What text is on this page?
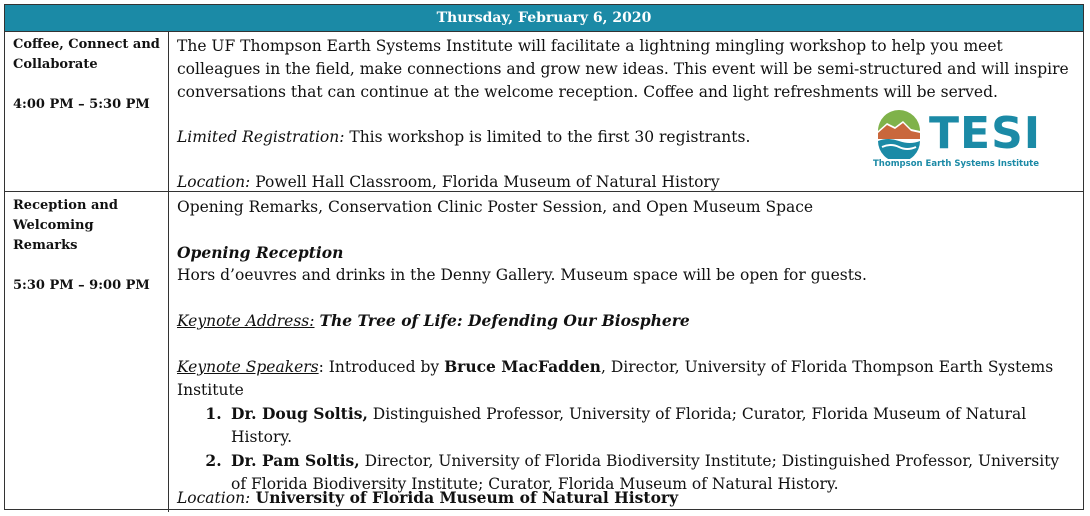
Thursday, February 6, 2020
Coffee, Connect and Collaborate
4:00 PM – 5:30 PM

The UF Thompson Earth Systems Institute will facilitate a lightning mingling workshop to help you meet colleagues in the field, make connections and grow new ideas. This event will be semi-structured and will inspire conversations that can continue at the welcome reception. Coffee and light refreshments will be served.

Limited Registration: This workshop is limited to the first 30 registrants.

Location: Powell Hall Classroom, Florida Museum of Natural History

TESI
Thompson Earth Systems Institute
Reception and Welcoming Remarks
5:30 PM – 9:00 PM

Opening Remarks, Conservation Clinic Poster Session, and Open Museum Space

Opening Reception

Hors d’oeuvres and drinks in the Denny Gallery. Museum space will be open for guests.

Keynote Address: The Tree of Life: Defending Our Biosphere

Keynote Speakers: Introduced by Bruce MacFadden, Director, University of Florida Thompson Earth Systems Institute

1. Dr. Doug Soltis, Distinguished Professor, University of Florida; Curator, Florida Museum of Natural History.
2. Dr. Pam Soltis, Director, University of Florida Biodiversity Institute; Distinguished Professor, University of Florida Biodiversity Institute; Curator, Florida Museum of Natural History.

Location: University of Florida Museum of Natural History
